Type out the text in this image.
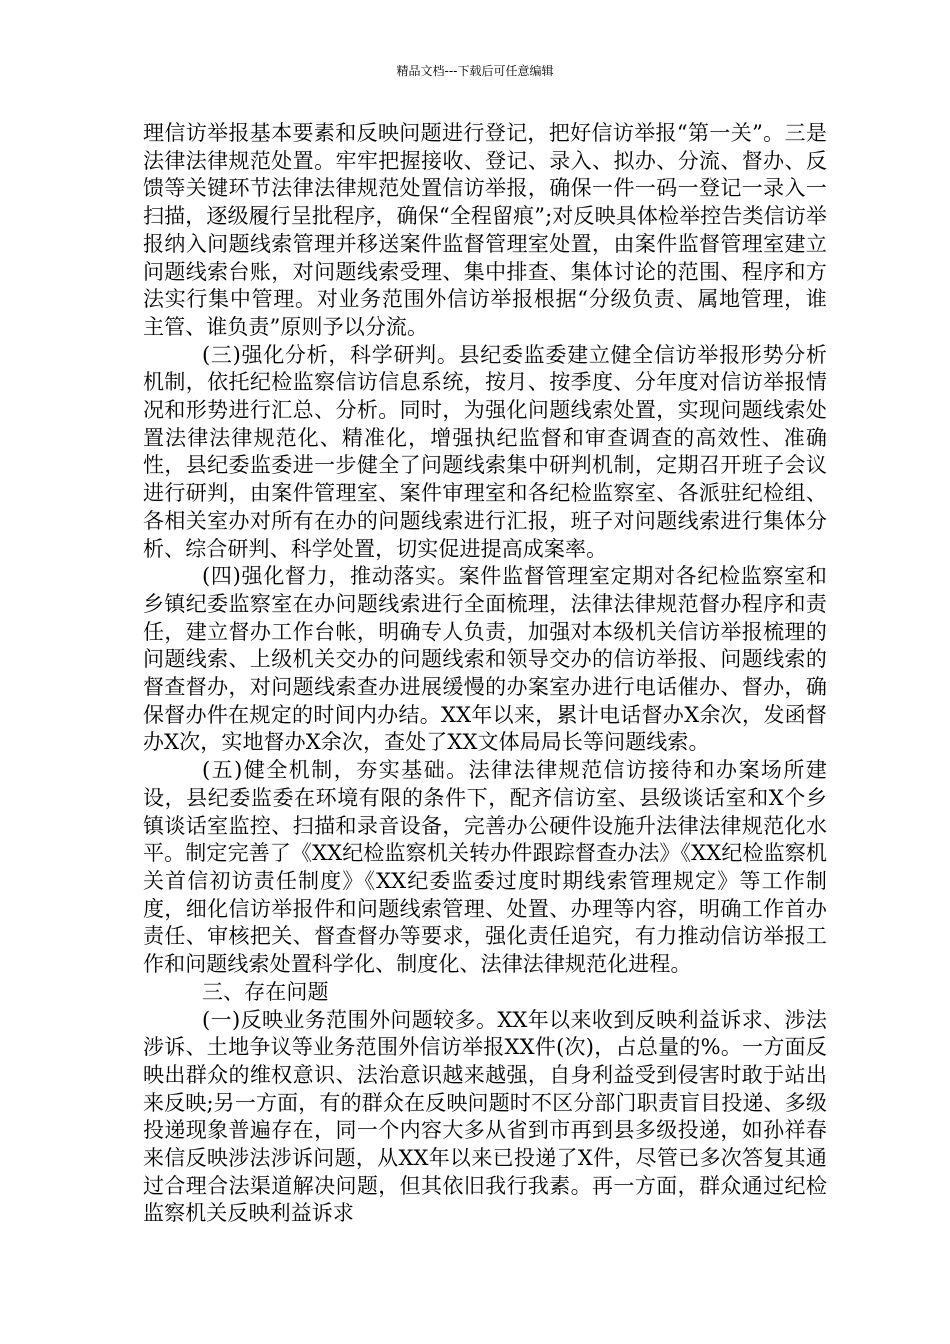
精品文档---下载后可任意编辑

理信访举报基本要素和反映问题进行登记，把好信访举报“第一关”。三是法律法律规范处置。牢牢把握接收、登记、录入、拟办、分流、督办、反馈等关键环节法律法律规范处置信访举报，确保一件一码一登记一录入一扫描，逐级履行呈批程序，确保“全程留痕”;对反映具体检举控告类信访举报纳入问题线索管理并移送案件监督管理室处置，由案件监督管理室建立问题线索台账，对问题线索受理、集中排查、集体讨论的范围、程序和方法实行集中管理。对业务范围外信访举报根据“分级负责、属地管理，谁主管、谁负责”原则予以分流。

(三)强化分析，科学研判。县纪委监委建立健全信访举报形势分析机制，依托纪检监察信访信息系统，按月、按季度、分年度对信访举报情况和形势进行汇总、分析。同时，为强化问题线索处置，实现问题线索处置法律法律规范化、精准化，增强执纪监督和审查调查的高效性、准确性，县纪委监委进一步健全了问题线索集中研判机制，定期召开班子会议进行研判，由案件管理室、案件审理室和各纪检监察室、各派驻纪检组、各相关室办对所有在办的问题线索进行汇报，班子对问题线索进行集体分析、综合研判、科学处置，切实促进提高成案率。

(四)强化督力，推动落实。案件监督管理室定期对各纪检监察室和乡镇纪委监察室在办问题线索进行全面梳理，法律法律规范督办程序和责任，建立督办工作台帐，明确专人负责，加强对本级机关信访举报梳理的问题线索、上级机关交办的问题线索和领导交办的信访举报、问题线索的督查督办，对问题线索查办进展缓慢的办案室办进行电话催办、督办，确保督办件在规定的时间内办结。XX年以来，累计电话督办X余次，发函督办X次，实地督办X余次，查处了XX文体局局长等问题线索。

(五)健全机制，夯实基础。法律法律规范信访接待和办案场所建设，县纪委监委在环境有限的条件下，配齐信访室、县级谈话室和X个乡镇谈话室监控、扫描和录音设备，完善办公硬件设施升法律法律规范化水平。制定完善了《XX纪检监察机关转办件跟踪督查办法》《XX纪检监察机关首信初访责任制度》《XX纪委监委过度时期线索管理规定》等工作制度，细化信访举报件和问题线索管理、处置、办理等内容，明确工作首办责任、审核把关、督查督办等要求，强化责任追究，有力推动信访举报工作和问题线索处置科学化、制度化、法律法律规范化进程。

三、存在问题

(一)反映业务范围外问题较多。XX年以来收到反映利益诉求、涉法涉诉、土地争议等业务范围外信访举报XX件(次)，占总量的%。一方面反映出群众的维权意识、法治意识越来越强，自身利益受到侵害时敢于站出来反映;另一方面，有的群众在反映问题时不区分部门职责盲目投递、多级投递现象普遍存在，同一个内容大多从省到市再到县多级投递，如孙祥春来信反映涉法涉诉问题，从XX年以来已投递了X件，尽管已多次答复其通过合理合法渠道解决问题，但其依旧我行我素。再一方面，群众通过纪检监察机关反映利益诉求
